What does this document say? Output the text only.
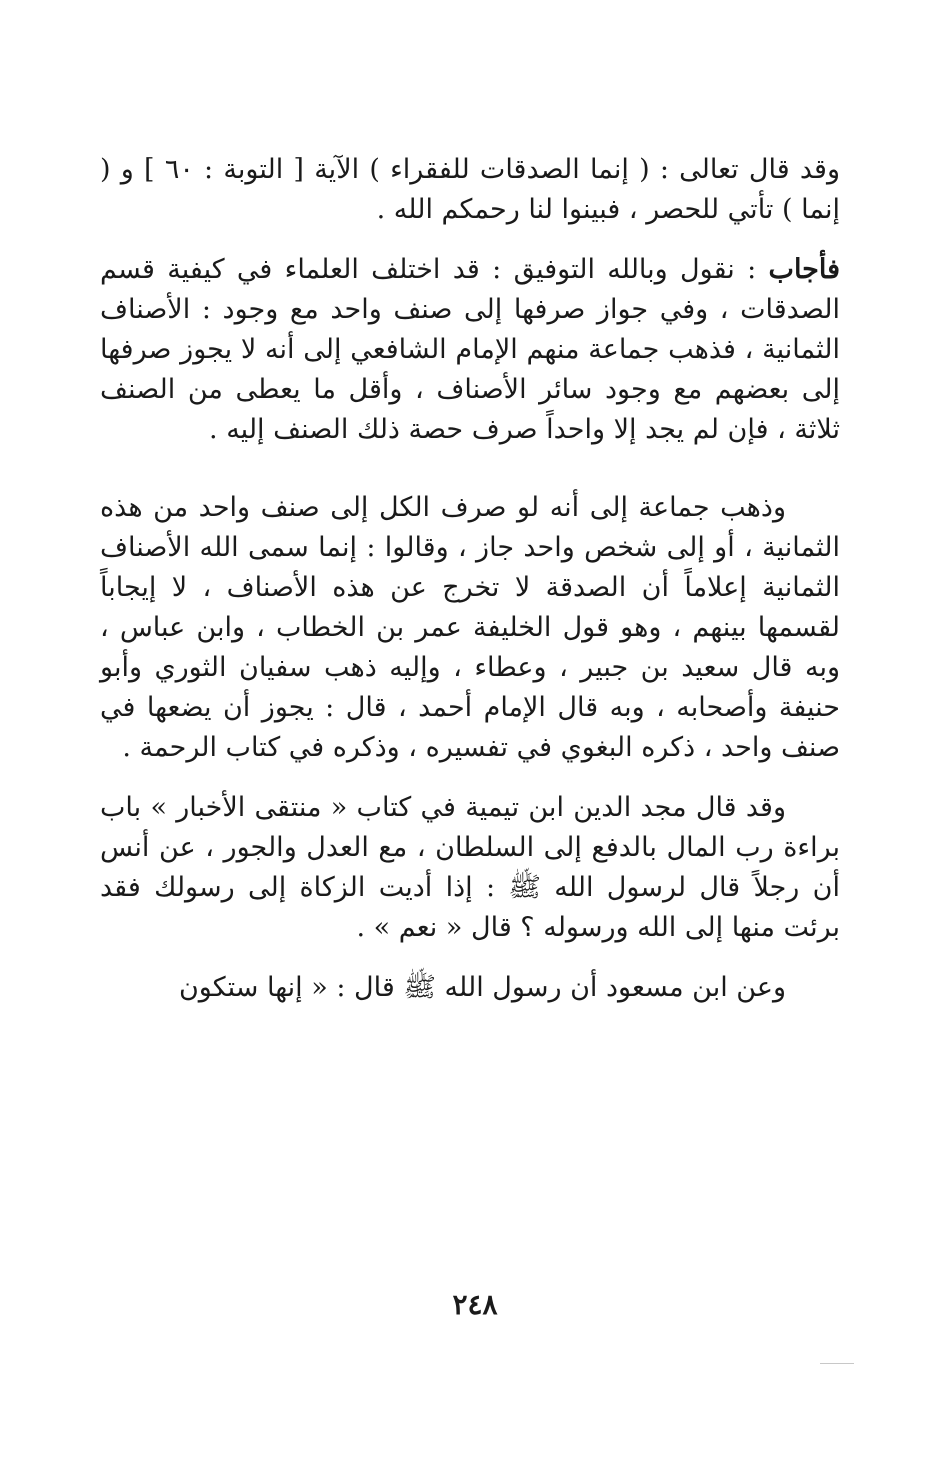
وقد قال تعالى : ( إنما الصدقات للفقراء ) الآية [ التوبة : ٦٠ ] و ( إنما ) تأتي للحصر ، فبينوا لنا رحمكم الله .

فأجاب : نقول وبالله التوفيق : قد اختلف العلماء في كيفية قسم الصدقات ، وفي جواز صرفها إلى صنف واحد مع وجود : الأصناف الثمانية ، فذهب جماعة منهم الإمام الشافعي إلى أنه لا يجوز صرفها إلى بعضهم مع وجود سائر الأصناف ، وأقل ما يعطى من الصنف ثلاثة ، فإن لم يجد إلا واحداً صرف حصة ذلك الصنف إليه .

وذهب جماعة إلى أنه لو صرف الكل إلى صنف واحد من هذه الثمانية ، أو إلى شخص واحد جاز ، وقالوا : إنما سمى الله الأصناف الثمانية إعلاماً أن الصدقة لا تخرج عن هذه الأصناف ، لا إيجاباً لقسمها بينهم ، وهو قول الخليفة عمر بن الخطاب ، وابن عباس ، وبه قال سعيد بن جبير ، وعطاء ، وإليه ذهب سفيان الثوري وأبو حنيفة وأصحابه ، وبه قال الإمام أحمد ، قال : يجوز أن يضعها في صنف واحد ، ذكره البغوي في تفسيره ، وذكره في كتاب الرحمة .

وقد قال مجد الدين ابن تيمية في كتاب « منتقى الأخبار » باب براءة رب المال بالدفع إلى السلطان ، مع العدل والجور ، عن أنس أن رجلاً قال لرسول الله ﷺ : إذا أديت الزكاة إلى رسولك فقد برئت منها إلى الله ورسوله ؟ قال « نعم » .

وعن ابن مسعود أن رسول الله ﷺ قال : « إنها ستكون

٢٤٨
